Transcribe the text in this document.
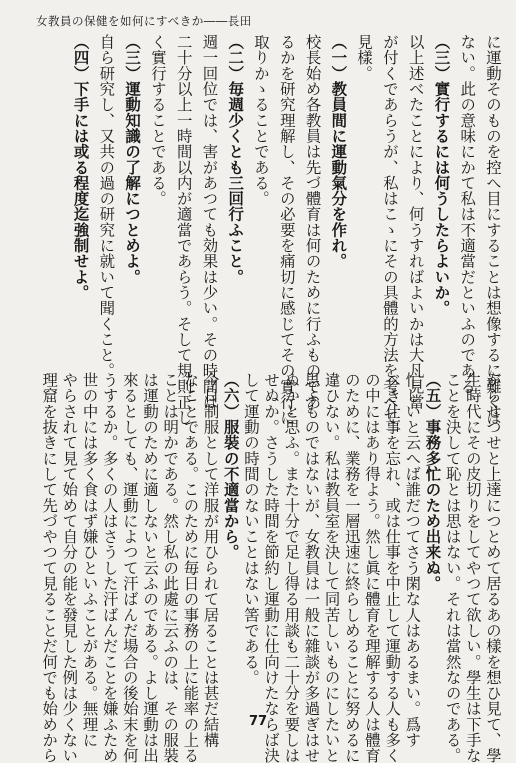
女教員の保健を如何にすべきか――長田
に運動そのものを控へ目にすることは想像するに難くは
ない。此の意味にかて私は不適當だといふのである。
（三）實行するには何うしたらよいか。
以上述べたことにより、何うすればよいかは大凡見當
が付くであらうが、私はこゝにその具體的方法を考へて
見樣。
（一）教員間に運動氣分を作れ。
校長始め各教員は先づ體育は何のために行ふものであ
るかを研究理解し、その必要を痛切に感じてその實行に
取りかゝることである。
（二）毎週少くとも三回行ふこと。
週一回位では、害があつても効果は少い。その時間は
二十分以上一時間以内が適當であらう。そして規則正し
く實行することである。
（三）運動知識の了解につとめよ。
自ら研究し、又共の過の研究に就いて聞くこと。
（四）下手には或る程度迄強制せよ。
がらせつせと上達につとめて居るあの樣を想ひ見て、學
生時代にその皮切りをしてやつて欲しい。學生は下手な
ことを決して恥とは思はない。それは當然なのである。
（五）事務多忙のため出来ぬ。
忙しいと云へば誰だつてさう閑な人はあるまい。爲す
べき仕事を忘れ、或は仕事を中止して運動する人も多く
の中にはあり得よう。然し眞に體育を理解する人は體育
のために、業務を一層迅速に終らしめることに努めるに
違ひない。私は教員室を決して同苦しいものにしたいと
思ふものではないが、女教員は一般に雜談が多過ぎはせ
ぬかと思ふ。また十分で足し得る用談も二十分を要しは
せぬか。さうした時間を節約し運動に仕向けたならば決
して運動の時間のないことはない筈である。
（六）服裝の不適當から。
今日制服として洋服が用ひられて居ることは甚だ結構
なことである。このために毎日の事務の上に能率の上る
ことは明かである。然し私の此處に云ふのは、その服裝
は運動のために適しないと云ふのである。よし運動は出
來るとしても、運動によつて汗ばんだ場合の後始末を何
うするか。多くの人はさうした汗ばんだことを嫌ふため
世の中には多く食はず嫌ひといふことがある。無理に
やらされて見て始めて自分の能を發見した例は少くない
理窟を抜きにして先づやつて見ることだ何でも始めから	77
